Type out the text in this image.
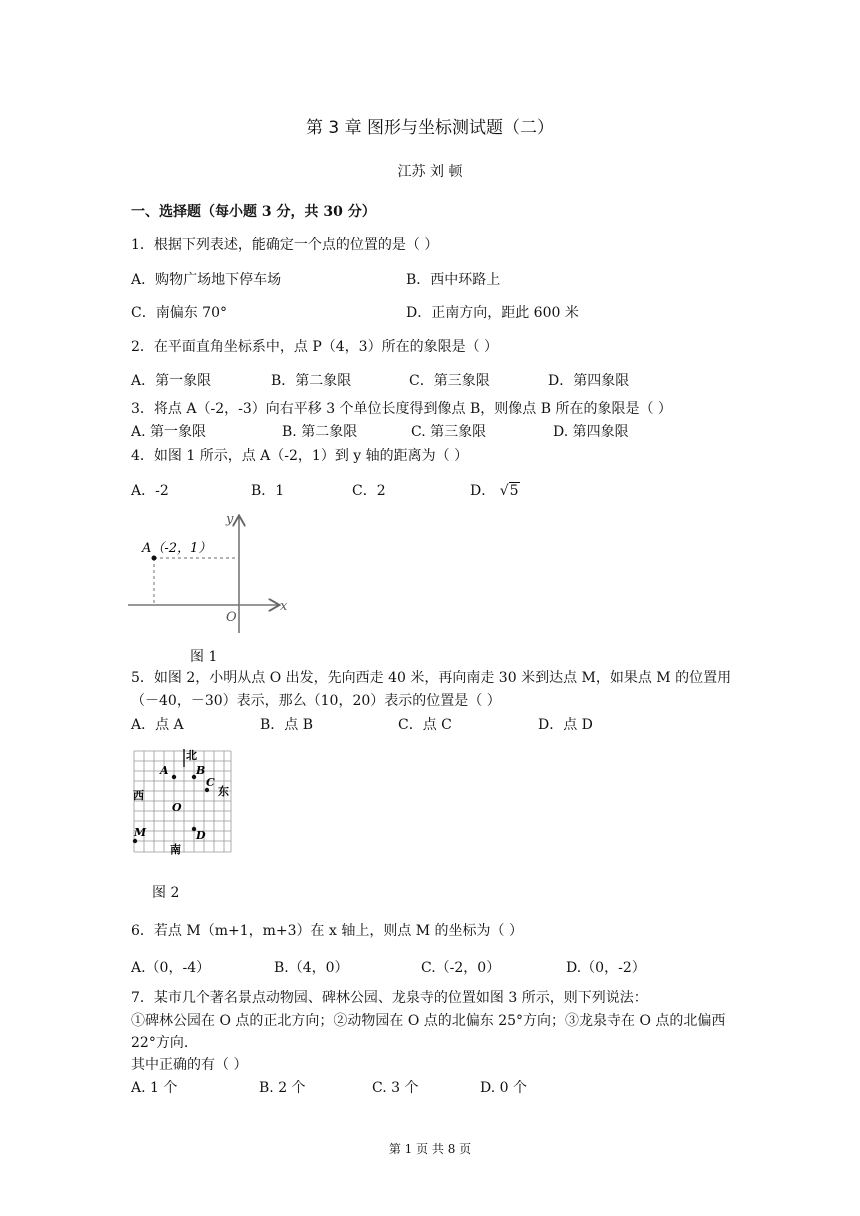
第 3 章 图形与坐标测试题（二）
江苏 刘 顿
一、选择题（每小题 3 分，共 30 分）
1．根据下列表述，能确定一个点的位置的是（ ）
A．购物广场地下停车场	B．西中环路上
C．南偏东 70°	D．正南方向，距此 600 米
2．在平面直角坐标系中，点 P（4，3）所在的象限是（ ）
A．第一象限	B．第二象限	C．第三象限	D．第四象限
3．将点 A（-2，-3）向右平移 3 个单位长度得到像点 B，则像点 B 所在的象限是（ ）
A. 第一象限	B. 第二象限	C. 第三象限	D. 第四象限
4．如图 1 所示，点 A（-2，1）到 y 轴的距离为（ ）
A．-2	B．1	C．2	D． √5
A（-2，1）
x
y
O
图 1
5．如图 2，小明从点 O 出发，先向西走 40 米，再向南走 30 米到达点 M，如果点 M 的位置用
（－40，－30）表示，那么（10，20）表示的位置是（ ）
A．点 A	B．点 B	C．点 C	D．点 D
北
南
西	东
A B
C
D
M
O
图 2
6．若点 M（m+1，m+3）在 x 轴上，则点 M 的坐标为（ ）
A.（0，-4）	B.（4，0）	C.（-2，0）	D.（0，-2）
7．某市几个著名景点动物园、碑林公园、龙泉寺的位置如图 3 所示，则下列说法：
①碑林公园在 O 点的正北方向；②动物园在 O 点的北偏东 25°方向；③龙泉寺在 O 点的北偏西
22°方向.
其中正确的有（ ）
A. 1 个	B. 2 个	C. 3 个	D. 0 个
第 1 页 共 8 页
